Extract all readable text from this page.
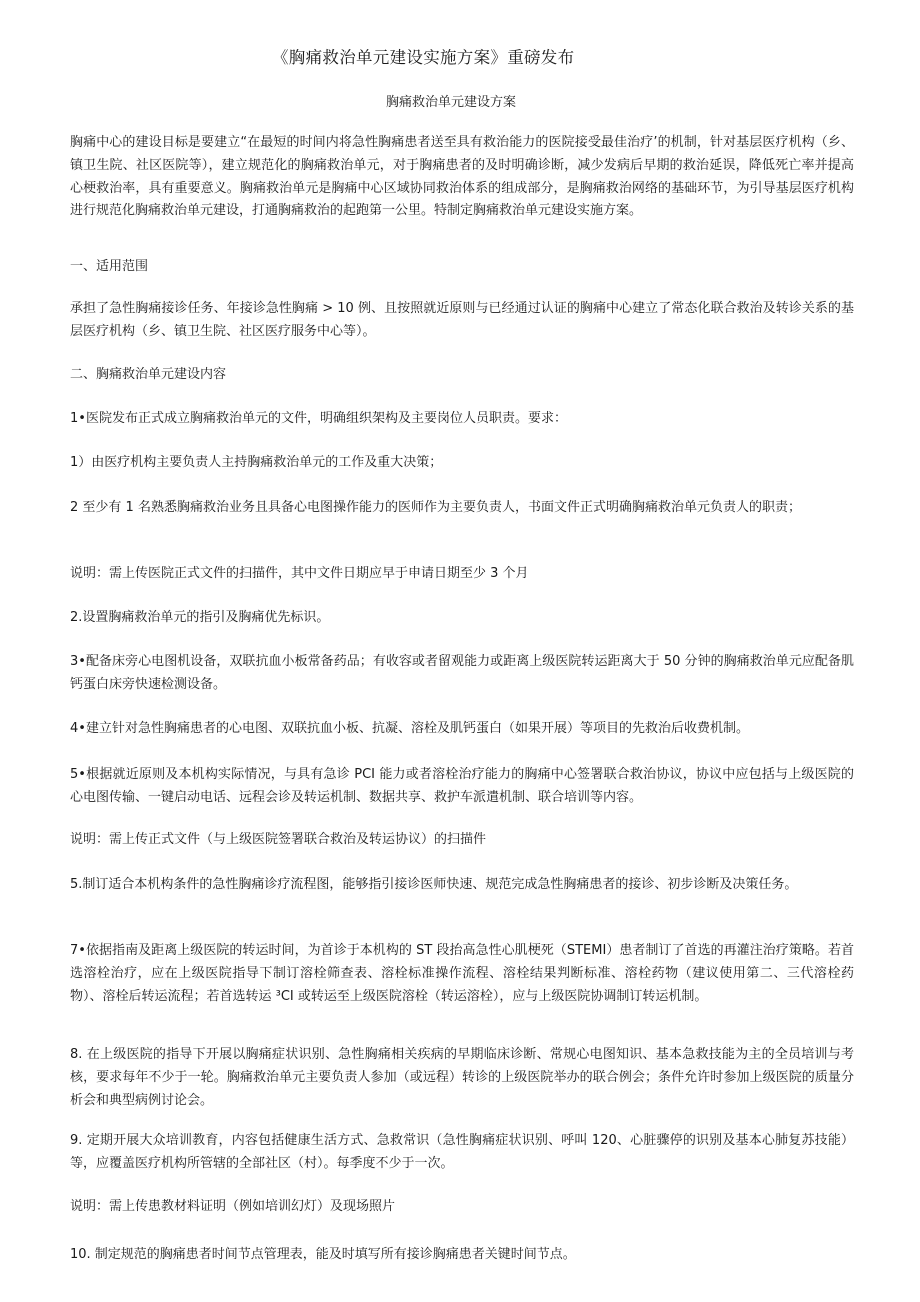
《胸痛救治单元建设实施方案》重磅发布
胸痛救治单元建设方案

胸痛中心的建设目标是要建立“在最短的时间内将急性胸痛患者送至具有救治能力的医院接受最佳治疗’的机制，针对基层医疗机构（乡、镇卫生院、社区医院等），建立规范化的胸痛救治单元，对于胸痛患者的及时明确诊断，减少发病后早期的救治延误，降低死亡率并提高心梗救治率，具有重要意义。胸痛救治单元是胸痛中心区域协同救治体系的组成部分，是胸痛救治网络的基础环节，为引导基层医疗机构进行规范化胸痛救治单元建设，打通胸痛救治的起跑第一公里。特制定胸痛救治单元建设实施方案。

一、适用范围

承担了急性胸痛接诊任务、年接诊急性胸痛 > 10 例、且按照就近原则与已经通过认证的胸痛中心建立了常态化联合救治及转诊关系的基层医疗机构（乡、镇卫生院、社区医疗服务中心等）。

二、胸痛救治单元建设内容

1•医院发布正式成立胸痛救治单元的文件，明确组织架构及主要岗位人员职责。要求：

1）由医疗机构主要负责人主持胸痛救治单元的工作及重大决策；

2 至少有 1 名熟悉胸痛救治业务且具备心电图操作能力的医师作为主要负责人，书面文件正式明确胸痛救治单元负责人的职责；

说明：需上传医院正式文件的扫描件，其中文件日期应早于申请日期至少 3 个月

2.设置胸痛救治单元的指引及胸痛优先标识。

3•配备床旁心电图机设备，双联抗血小板常备药品；有收容或者留观能力或距离上级医院转运距离大于 50 分钟的胸痛救治单元应配备肌钙蛋白床旁快速检测设备。

4•建立针对急性胸痛患者的心电图、双联抗血小板、抗凝、溶栓及肌钙蛋白（如果开展）等项目的先救治后收费机制。

5•根据就近原则及本机构实际情况，与具有急诊 PCI 能力或者溶栓治疗能力的胸痛中心签署联合救治协议，协议中应包括与上级医院的心电图传输、一键启动电话、远程会诊及转运机制、数据共享、救护车派遣机制、联合培训等内容。

说明：需上传正式文件（与上级医院签署联合救治及转运协议）的扫描件

5.制订适合本机构条件的急性胸痛诊疗流程图，能够指引接诊医师快速、规范完成急性胸痛患者的接诊、初步诊断及决策任务。

7•依据指南及距离上级医院的转运时间，为首诊于本机构的 ST 段抬高急性心肌梗死（STEMI）患者制订了首选的再灌注治疗策略。若首选溶栓治疗，应在上级医院指导下制订溶栓筛查表、溶栓标准操作流程、溶栓结果判断标准、溶栓药物（建议使用第二、三代溶栓药物）、溶栓后转运流程；若首选转运 ³CI 或转运至上级医院溶栓（转运溶栓），应与上级医院协调制订转运机制。

8. 在上级医院的指导下开展以胸痛症状识别、急性胸痛相关疾病的早期临床诊断、常规心电图知识、基本急救技能为主的全员培训与考核，要求每年不少于一轮。胸痛救治单元主要负责人参加（或远程）转诊的上级医院举办的联合例会；条件允许时参加上级医院的质量分析会和典型病例讨论会。

9. 定期开展大众培训教育，内容包括健康生活方式、急救常识（急性胸痛症状识别、呼叫 120、心脏骤停的识别及基本心肺复苏技能）等，应覆盖医疗机构所管辖的全部社区（村）。每季度不少于一次。

说明：需上传患教材料证明（例如培训幻灯）及现场照片

10. 制定规范的胸痛患者时间节点管理表，能及时填写所有接诊胸痛患者关键时间节点。
